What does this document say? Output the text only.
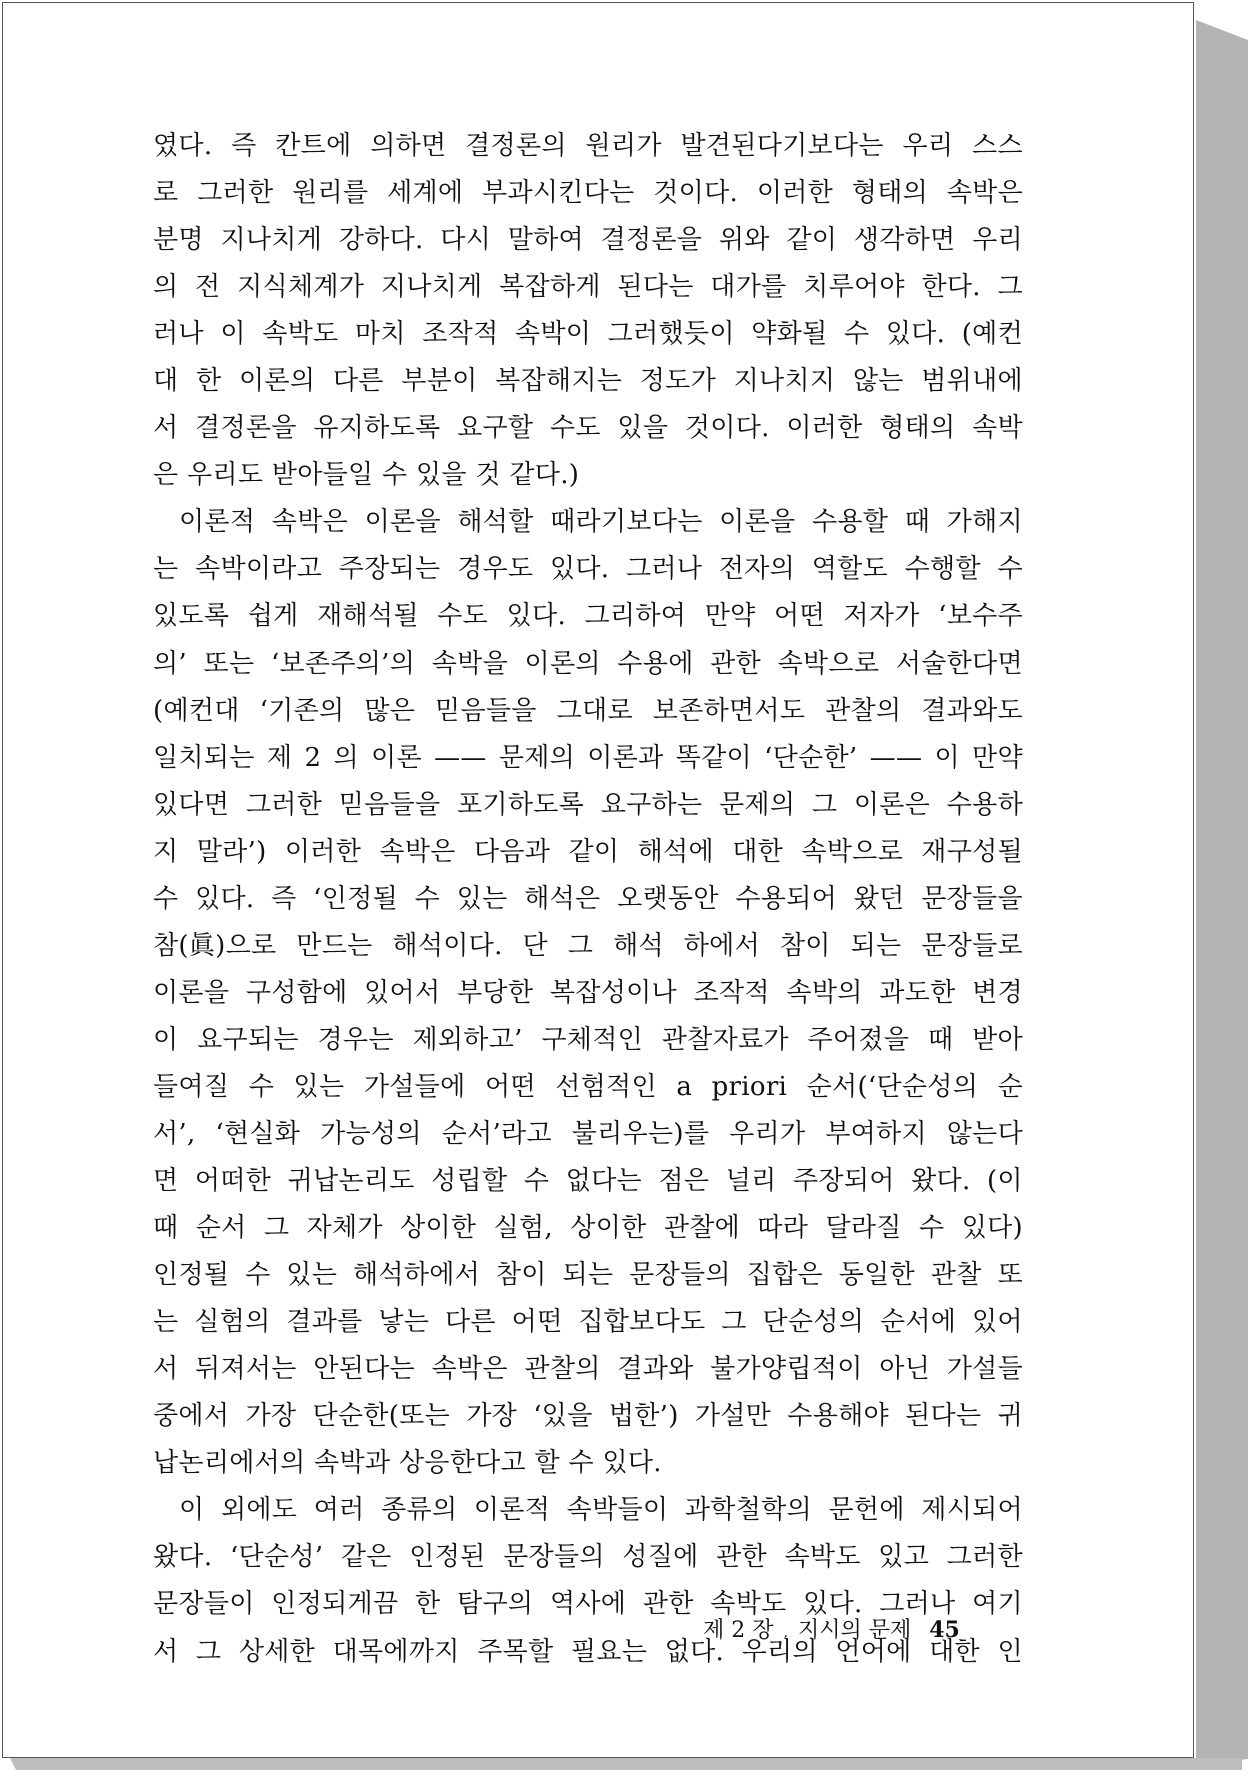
였다. 즉 칸트에 의하면 결정론의 원리가 발견된다기보다는 우리 스스
로 그러한 원리를 세계에 부과시킨다는 것이다. 이러한 형태의 속박은
분명 지나치게 강하다. 다시 말하여 결정론을 위와 같이 생각하면 우리
의 전 지식체계가 지나치게 복잡하게 된다는 대가를 치루어야 한다. 그
러나 이 속박도 마치 조작적 속박이 그러했듯이 약화될 수 있다. (예컨
대 한 이론의 다른 부분이 복잡해지는 정도가 지나치지 않는 범위내에
서 결정론을 유지하도록 요구할 수도 있을 것이다. 이러한 형태의 속박
은 우리도 받아들일 수 있을 것 같다.)
이론적 속박은 이론을 해석할 때라기보다는 이론을 수용할 때 가해지
는 속박이라고 주장되는 경우도 있다. 그러나 전자의 역할도 수행할 수
있도록 쉽게 재해석될 수도 있다. 그리하여 만약 어떤 저자가 ‘보수주
의’ 또는 ‘보존주의’의 속박을 이론의 수용에 관한 속박으로 서술한다면
(예컨대 ‘기존의 많은 믿음들을 그대로 보존하면서도 관찰의 결과와도
일치되는 제 2 의 이론 —— 문제의 이론과 똑같이 ‘단순한’ —— 이 만약
있다면 그러한 믿음들을 포기하도록 요구하는 문제의 그 이론은 수용하
지 말라’) 이러한 속박은 다음과 같이 해석에 대한 속박으로 재구성될
수 있다. 즉 ‘인정될 수 있는 해석은 오랫동안 수용되어 왔던 문장들을
참(眞)으로 만드는 해석이다. 단 그 해석 하에서 참이 되는 문장들로
이론을 구성함에 있어서 부당한 복잡성이나 조작적 속박의 과도한 변경
이 요구되는 경우는 제외하고’ 구체적인 관찰자료가 주어졌을 때 받아
들여질 수 있는 가설들에 어떤 선험적인 a priori 순서(‘단순성의 순
서’, ‘현실화 가능성의 순서’라고 불리우는)를 우리가 부여하지 않는다
면 어떠한 귀납논리도 성립할 수 없다는 점은 널리 주장되어 왔다. (이
때 순서 그 자체가 상이한 실험, 상이한 관찰에 따라 달라질 수 있다)
인정될 수 있는 해석하에서 참이 되는 문장들의 집합은 동일한 관찰 또
는 실험의 결과를 낳는 다른 어떤 집합보다도 그 단순성의 순서에 있어
서 뒤져서는 안된다는 속박은 관찰의 결과와 불가양립적이 아닌 가설들
중에서 가장 단순한(또는 가장 ‘있을 법한’) 가설만 수용해야 된다는 귀
납논리에서의 속박과 상응한다고 할 수 있다.
이 외에도 여러 종류의 이론적 속박들이 과학철학의 문헌에 제시되어
왔다. ‘단순성’ 같은 인정된 문장들의 성질에 관한 속박도 있고 그러한
문장들이 인정되게끔 한 탐구의 역사에 관한 속박도 있다. 그러나 여기
서 그 상세한 대목에까지 주목할 필요는 없다. 우리의 언어에 대한 인
제 2 장 . 지시의 문제 45
